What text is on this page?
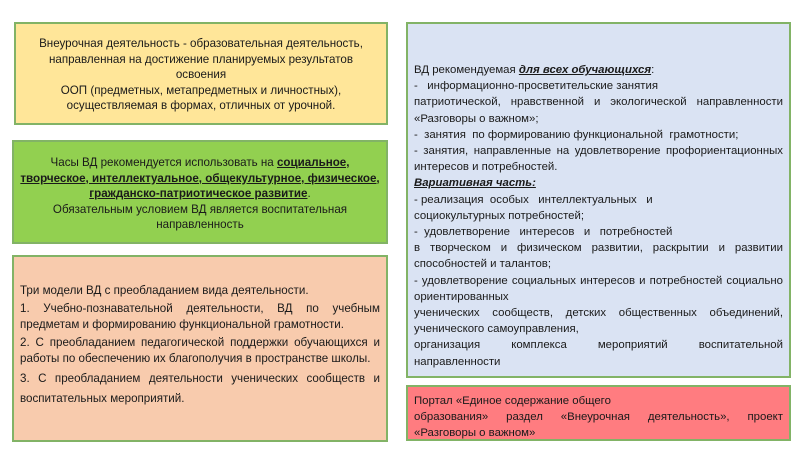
Внеурочная деятельность - образовательная деятельность,
направленная на достижение планируемых результатов
освоения
ООП (предметных, метапредметных и личностных),
осуществляемая в формах, отличных от урочной.
Часы ВД рекомендуется использовать на социальное,
творческое, интеллектуальное, общекультурное, физическое,
гражданско-патриотическое развитие.
Обязательным условием ВД является воспитательная
направленность
Три модели ВД с преобладанием вида деятельности.
1. Учебно-познавательной деятельности, ВД по учебным предметам и формированию функциональной грамотности.
2. С преобладанием педагогической поддержки обучающихся и работы по обеспечению их благополучия в пространстве школы.
3. С преобладанием деятельности ученических сообществ и воспитательных мероприятий.
ВД рекомендуемая для всех обучающихся:
-   информационно-просветительские занятия
патриотической, нравственной и экологической направленности «Разговоры о важном»;
-  занятия  по формированию функциональной  грамотности;
- занятия, направленные на удовлетворение профориентационных интересов и потребностей.
Вариативная часть:
- реализация  особых   интеллектуальных   и
социокультурных потребностей;
-  удовлетворение   интересов   и   потребностей
в творческом и физическом развитии, раскрытии и развитии способностей и талантов;
- удовлетворение социальных интересов и потребностей социально ориентированных
ученических сообществ, детских общественных объединений, ученического самоуправления,
организация комплекса мероприятий воспитательной направленности
Портал «Единое содержание общего
образования» раздел «Внеурочная деятельность», проект «Разговоры о важном»
